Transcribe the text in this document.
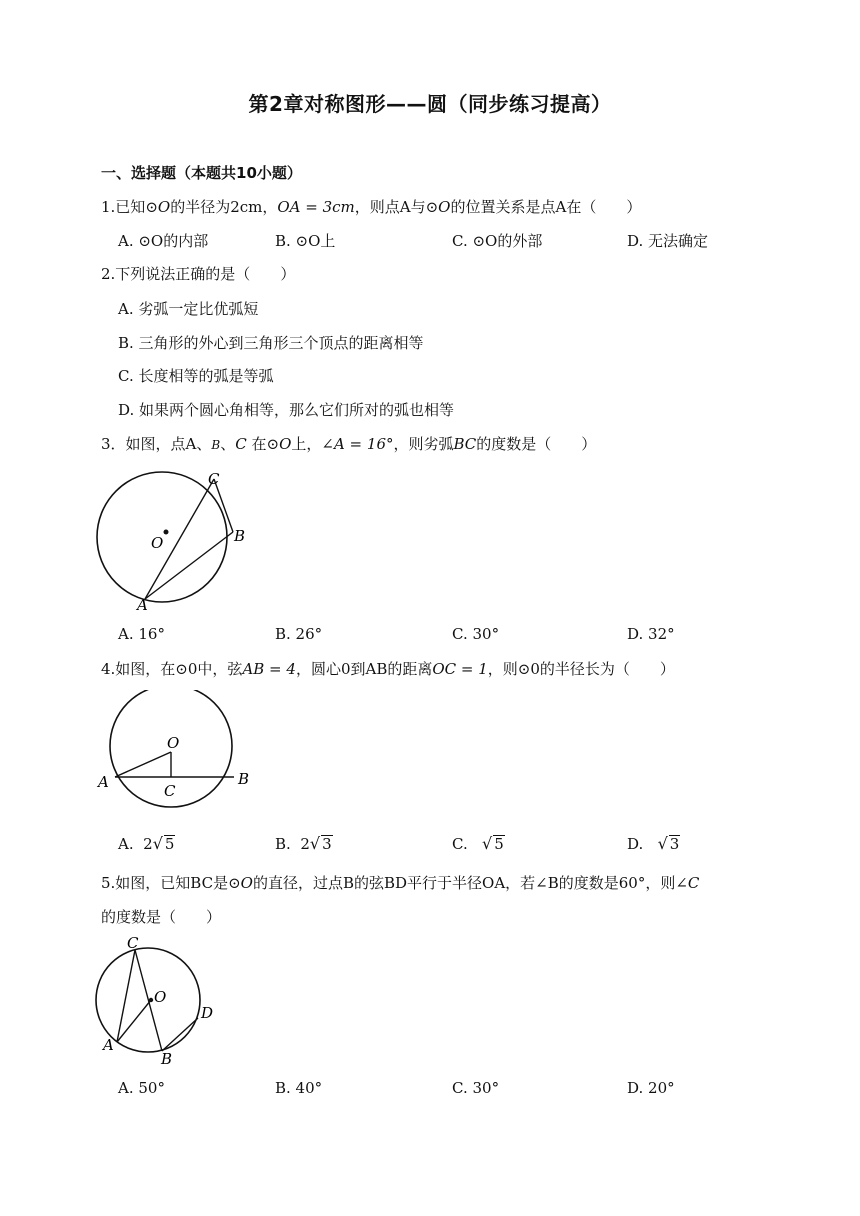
第2章对称图形——圆（同步练习提高）
一、选择题（本题共10小题）
1.已知⊙O的半径为2cm，OA = 3cm，则点A与⊙O的位置关系是点A在（　　）
A. ⊙O的内部	B. ⊙O上	C. ⊙O的外部	D. 无法确定
2.下列说法正确的是（　　）
A. 劣弧一定比优弧短
B. 三角形的外心到三角形三个顶点的距离相等
C. 长度相等的弧是等弧
D. 如果两个圆心角相等，那么它们所对的弧也相等
3．如图，点A、B、C 在⊙O上，∠A = 16°，则劣弧BC的度数是（　　）
C
O	B
A
A. 16°	B. 26°	C. 30°	D. 32°
4.如图，在⊙0中，弦AB = 4，圆心0到AB的距离OC = 1，则⊙0的半径长为（　　）
O
A	C
B
A. 2√ 5	B. 2√ 3	C. √ 5	D. √ 3
5.如图，已知BC是⊙O的直径，过点B的弦BD平行于半径OA，若∠B的度数是60°，则∠C
的度数是（　　）
C
O
D
A
B
A. 50°	B. 40°	C. 30°	D. 20°
